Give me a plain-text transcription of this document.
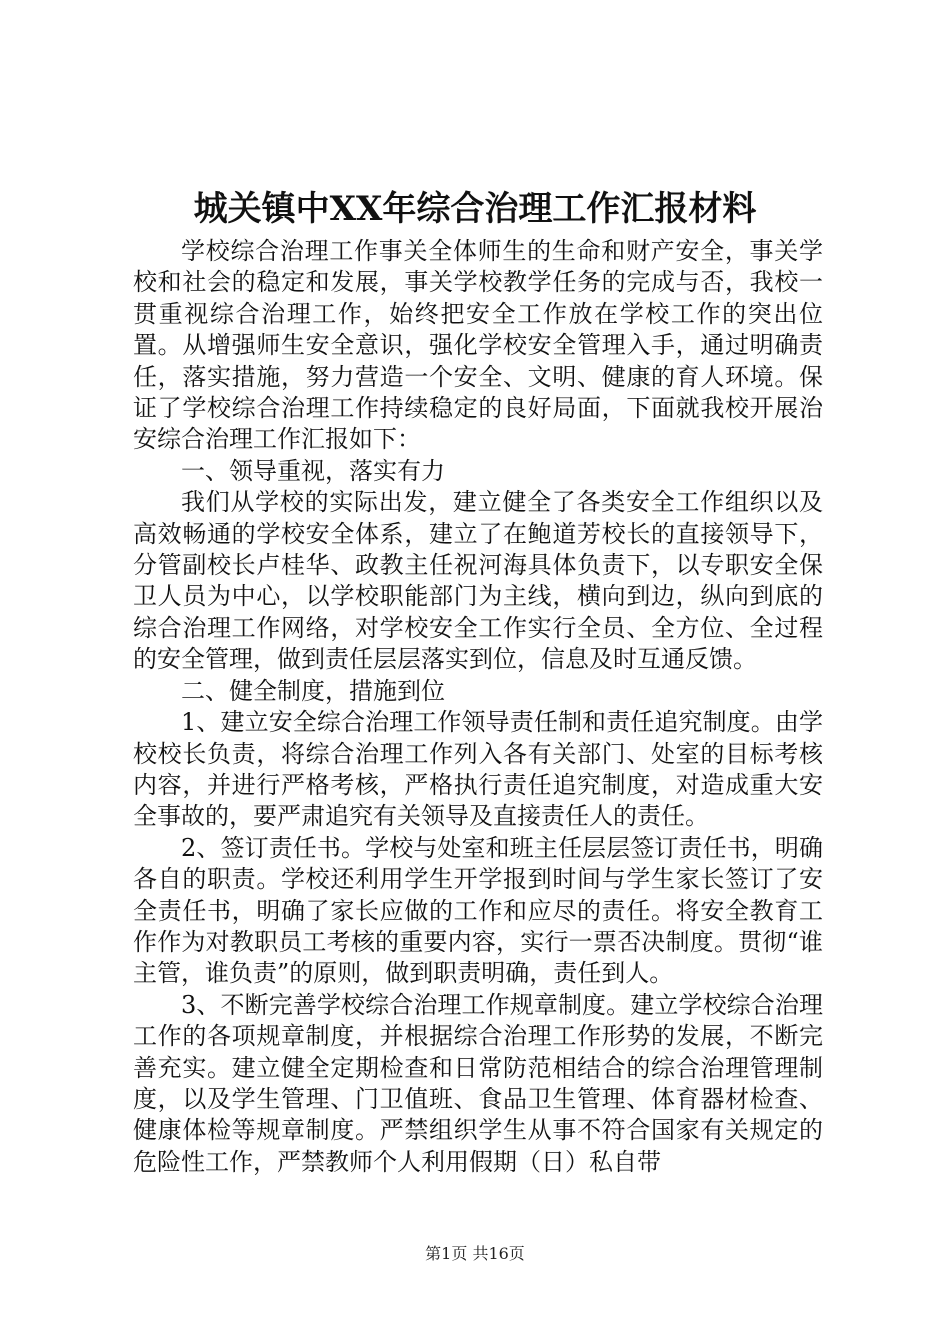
城关镇中XX年综合治理工作汇报材料

学校综合治理工作事关全体师生的生命和财产安全，事关学校和社会的稳定和发展，事关学校教学任务的完成与否，我校一贯重视综合治理工作，始终把安全工作放在学校工作的突出位置。从增强师生安全意识，强化学校安全管理入手，通过明确责任，落实措施，努力营造一个安全、文明、健康的育人环境。保证了学校综合治理工作持续稳定的良好局面，下面就我校开展治安综合治理工作汇报如下：

一、领导重视，落实有力

我们从学校的实际出发，建立健全了各类安全工作组织以及高效畅通的学校安全体系，建立了在鲍道芳校长的直接领导下，分管副校长卢桂华、政教主任祝河海具体负责下，以专职安全保卫人员为中心，以学校职能部门为主线，横向到边，纵向到底的综合治理工作网络，对学校安全工作实行全员、全方位、全过程的安全管理，做到责任层层落实到位，信息及时互通反馈。

二、健全制度，措施到位

1、建立安全综合治理工作领导责任制和责任追究制度。由学校校长负责，将综合治理工作列入各有关部门、处室的目标考核内容，并进行严格考核，严格执行责任追究制度，对造成重大安全事故的，要严肃追究有关领导及直接责任人的责任。

2、签订责任书。学校与处室和班主任层层签订责任书，明确各自的职责。学校还利用学生开学报到时间与学生家长签订了安全责任书，明确了家长应做的工作和应尽的责任。将安全教育工作作为对教职员工考核的重要内容，实行一票否决制度。贯彻“谁主管，谁负责”的原则，做到职责明确，责任到人。

3、不断完善学校综合治理工作规章制度。建立学校综合治理工作的各项规章制度，并根据综合治理工作形势的发展，不断完善充实。建立健全定期检查和日常防范相结合的综合治理管理制度，以及学生管理、门卫值班、食品卫生管理、体育器材检查、健康体检等规章制度。严禁组织学生从事不符合国家有关规定的危险性工作，严禁教师个人利用假期（日）私自带

第1页 共16页
